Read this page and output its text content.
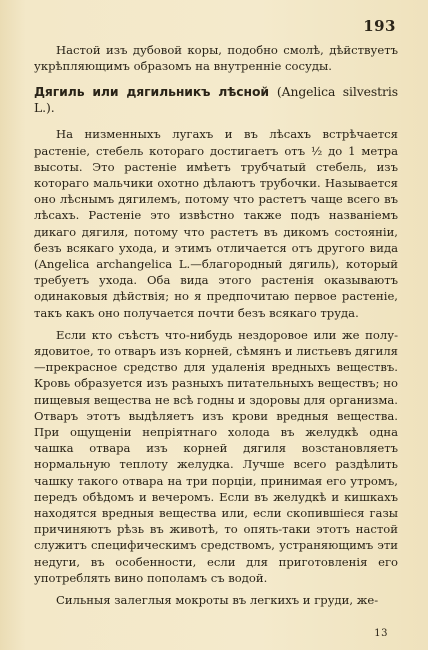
193

Настой изъ дубовой коры, подобно смолѣ, дѣйствуетъ укрѣпляющимъ образомъ на внутренніе сосуды.

Дягиль или дягильникъ лѣсной (Angelica silvestris L.).

На низменныхъ лугахъ и въ лѣсахъ встрѣчается растеніе, стебель котораго достигаетъ отъ ½ до 1 метра высоты. Это растеніе имѣетъ трубчатый стебель, изъ котораго мальчики охотно дѣлаютъ трубочки. Называется оно лѣснымъ дягилемъ, потому что растетъ чаще всего въ лѣсахъ. Растеніе это извѣстно также подъ названіемъ дикаго дягиля, потому что растетъ въ дикомъ состояніи, безъ всякаго ухода, и этимъ отличается отъ другого вида (Angelica archangelica L.—благородный дягиль), который требуетъ ухода. Оба вида этого растенія оказываютъ одинаковыя дѣйствія; но я предпочитаю первое растеніе, такъ какъ оно получается почти безъ всякаго труда.

Если кто съѣстъ что-нибудь нездоровое или же полу-ядовитое, то отваръ изъ корней, сѣмянъ и листьевъ дягиля—прекрасное средство для удаленія вредныхъ веществъ. Кровь образуется изъ разныхъ питательныхъ веществъ; но пищевыя вещества не всѣ годны и здоровы для организма. Отваръ этотъ выдѣляетъ изъ крови вредныя вещества. При ощущеніи непріятнаго холода въ желудкѣ одна чашка отвара изъ корней дягиля возстановляетъ нормальную теплоту желудка. Лучше всего раздѣлить чашку такого отвара на три порціи, принимая его утромъ, передъ обѣдомъ и вечеромъ. Если въ желудкѣ и кишкахъ находятся вредныя вещества или, если скопившіеся газы причиняютъ рѣзь въ животѣ, то опять-таки этотъ настой служитъ специфическимъ средствомъ, устраняющимъ эти недуги, въ особенности, если для приготовленія его употреблять вино пополамъ съ водой.

Сильныя залеглыя мокроты въ легкихъ и груди, же-

13
